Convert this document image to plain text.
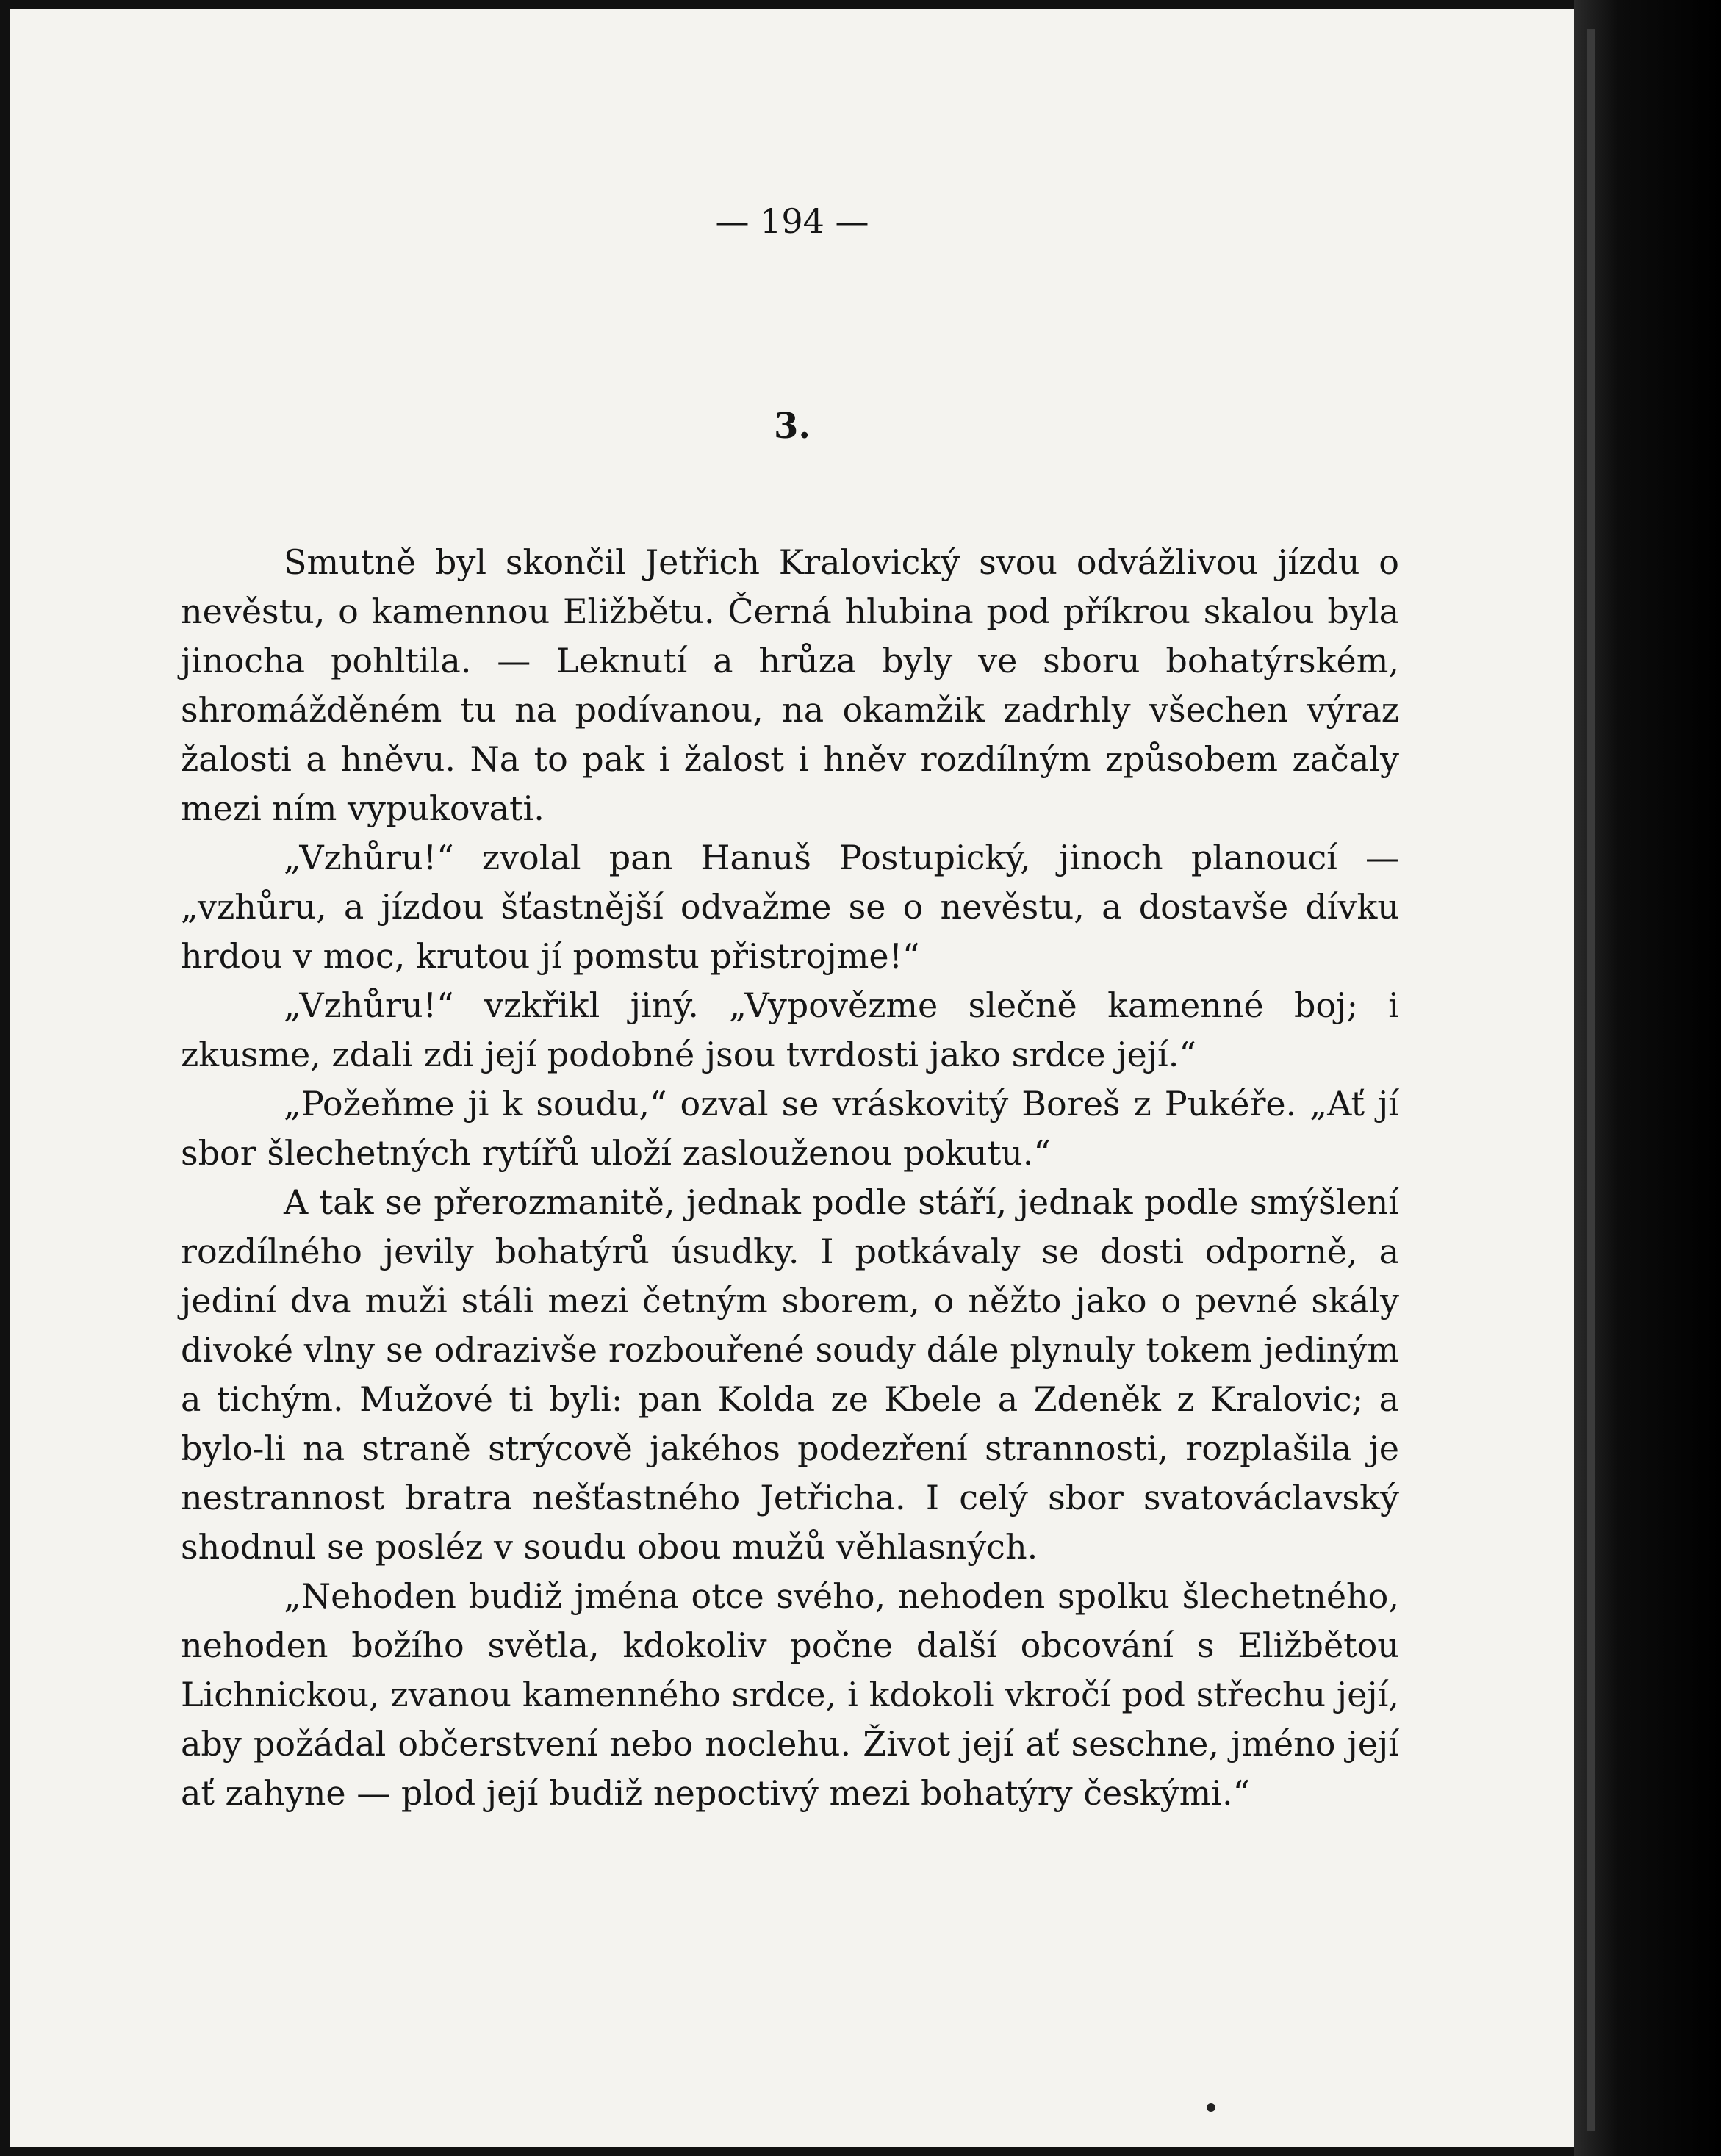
— 194 —
3.

Smutně byl skončil Jetřich Kralovický svou odvážlivou jízdu o nevěstu, o kamennou Eližbětu. Černá hlubina pod příkrou skalou byla jinocha pohltila. — Leknutí a hrůza byly ve sboru bohatýrském, shromážděném tu na podívanou, na okamžik zadrhly všechen výraz žalosti a hněvu. Na to pak i žalost i hněv rozdílným způsobem začaly mezi ním vypukovati.

„Vzhůru!“ zvolal pan Hanuš Postupický, jinoch planoucí — „vzhůru, a jízdou šťastnější odvažme se o nevěstu, a dostavše dívku hrdou v moc, krutou jí pomstu přistrojme!“

„Vzhůru!“ vzkřikl jiný. „Vypovězme slečně kamenné boj; i zkusme, zdali zdi její podobné jsou tvrdosti jako srdce její.“

„Požeňme ji k soudu,“ ozval se vráskovitý Boreš z Pukéře. „Ať jí sbor šlechetných rytířů uloží zaslouženou pokutu.“

A tak se přerozmanitě, jednak podle stáří, jednak podle smýšlení rozdílného jevily bohatýrů úsudky. I potkávaly se dosti odporně, a jediní dva muži stáli mezi četným sborem, o něžto jako o pevné skály divoké vlny se odrazivše rozbouřené soudy dále plynuly tokem jediným a tichým. Mužové ti byli: pan Kolda ze Kbele a Zdeněk z Kralovic; a bylo-li na straně strýcově jakéhos podezření strannosti, rozplašila je nestrannost bratra nešťastného Jetřicha. I celý sbor svatováclavský shodnul se posléz v soudu obou mužů věhlasných.

„Nehoden budiž jména otce svého, nehoden spolku šlechetného, nehoden božího světla, kdokoliv počne další obcování s Eližbětou Lichnickou, zvanou kamenného srdce, i kdokoli vkročí pod střechu její, aby požádal občerstvení nebo noclehu. Život její ať seschne, jméno její ať zahyne — plod její budiž nepoctivý mezi bohatýry českými.“
